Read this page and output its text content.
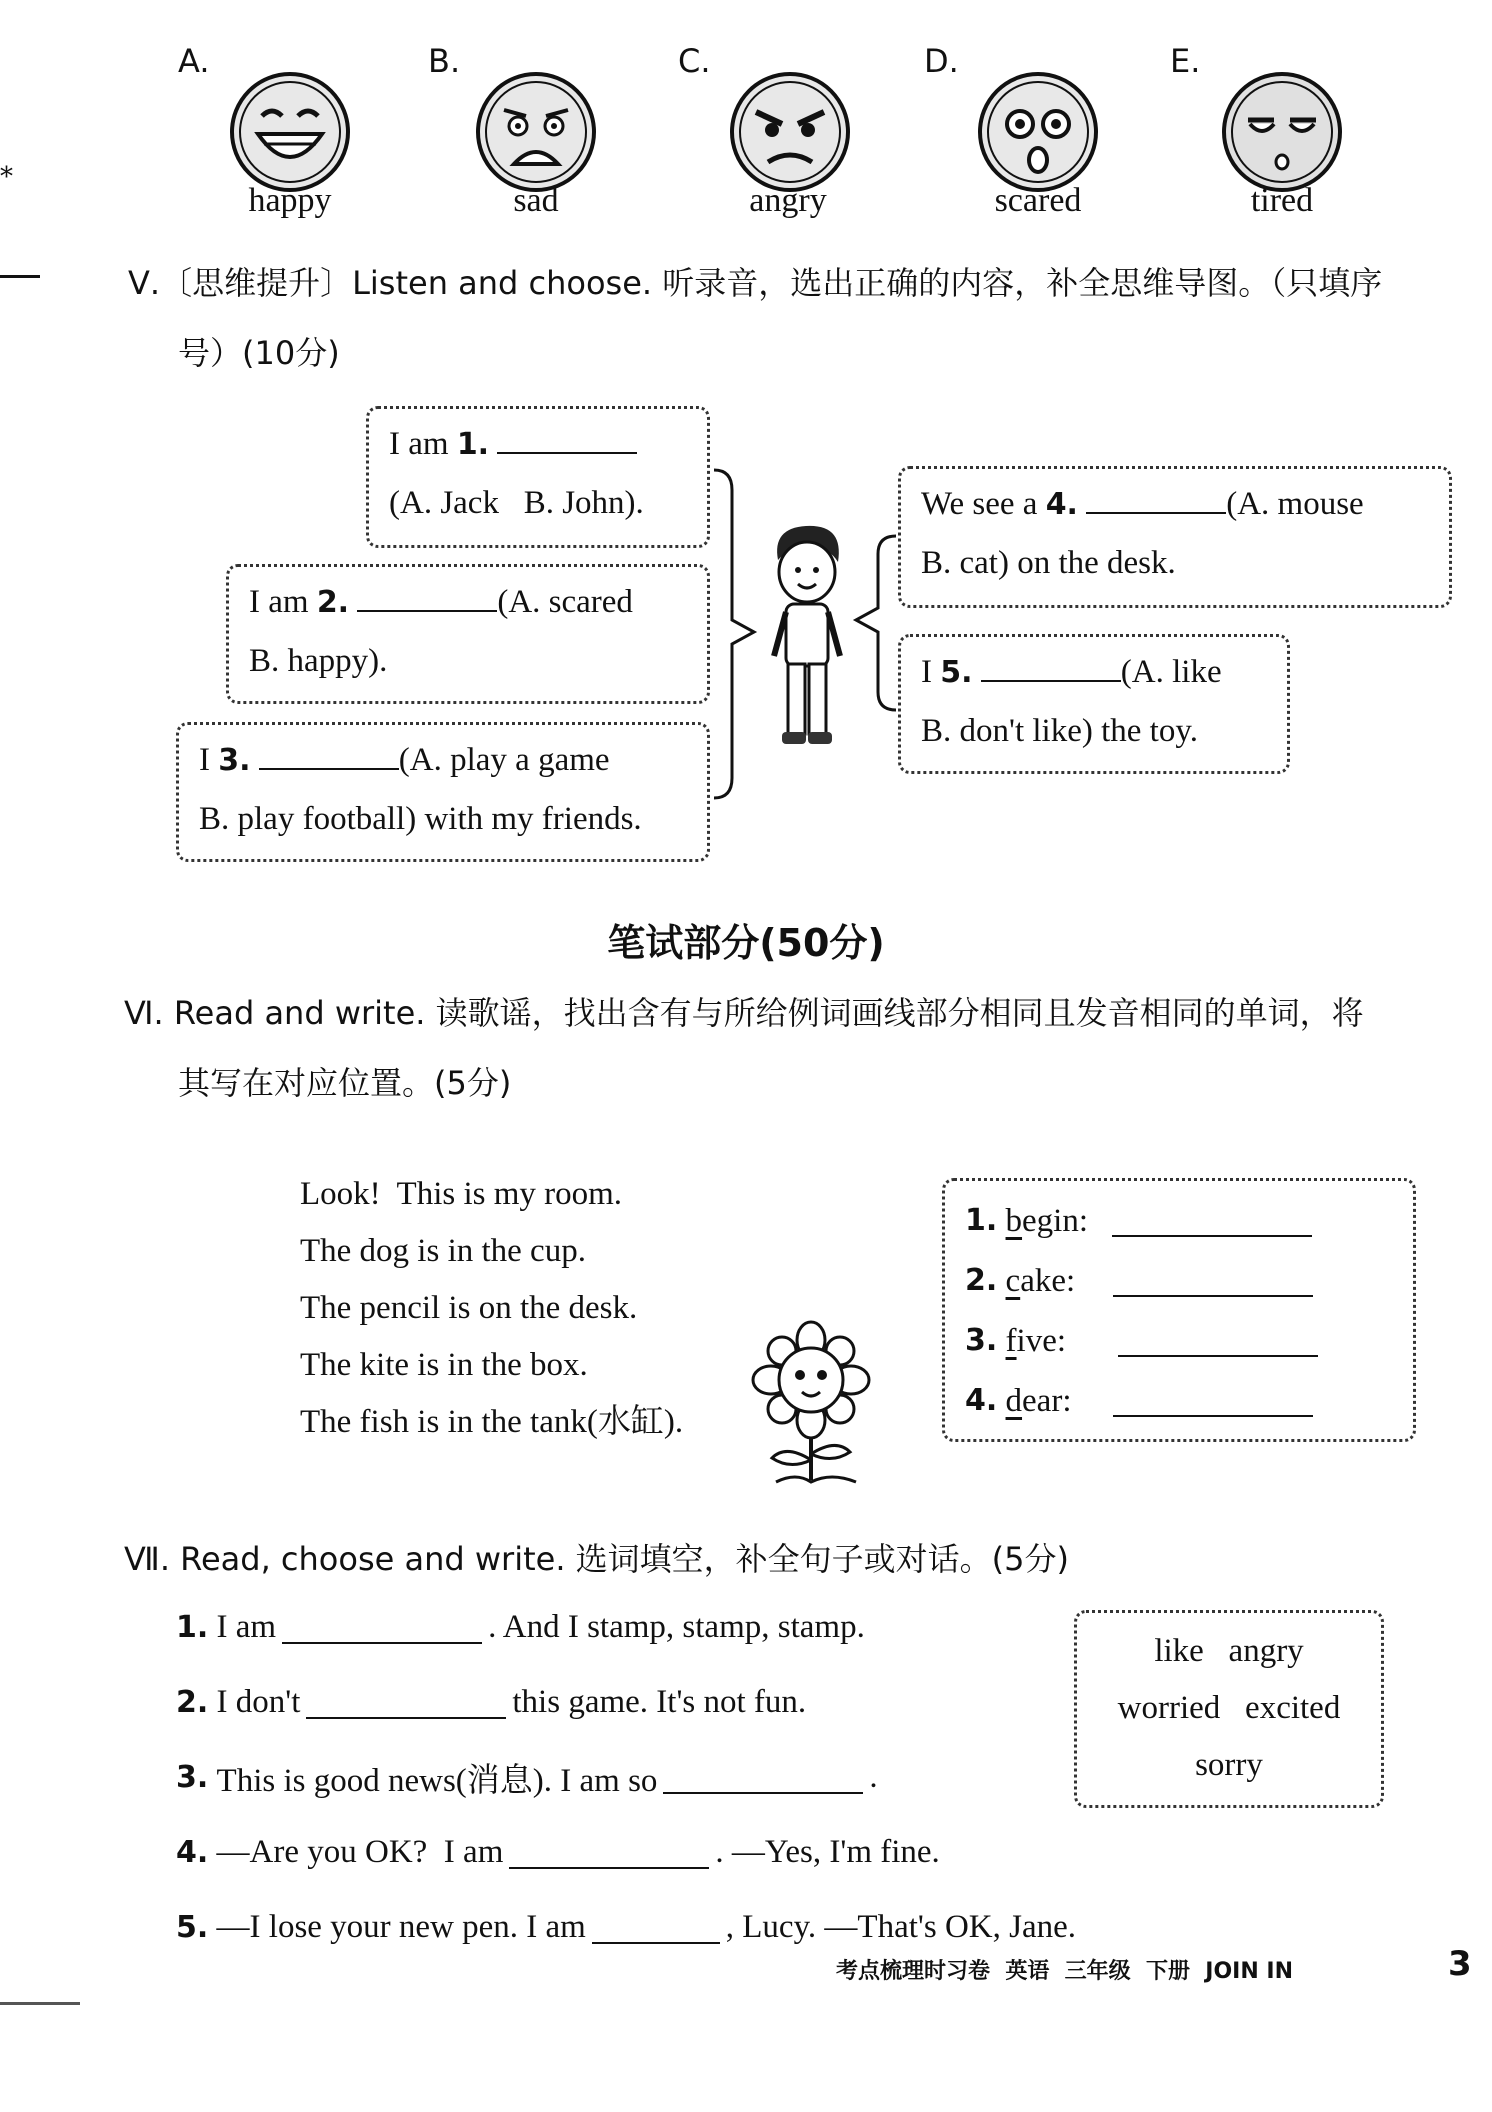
A.
happy
B.
sad
C.
angry
D.
scared
E.
tired
*
Ⅴ.〔思维提升〕Listen and choose. 听录音，选出正确的内容，补全思维导图。（只填序
号）(10分)
I am 1.
(A. Jack   B. John).
I am 2.	(A. scared
B. happy).
I 3.	(A. play a game
B. play football) with my friends.
We see a 4.	(A. mouse
B. cat) on the desk.
I 5.	(A. like
B. don't like) the toy.
笔试部分(50分)
Ⅵ. Read and write. 读歌谣，找出含有与所给例词画线部分相同且发音相同的单词，将
其写在对应位置。(5分)
Look!  This is my room.
The dog is in the cup.
The pencil is on the desk.
The kite is in the box.
The fish is in the tank(水缸).
1.
b egin:
2.
c ake:
3.
f ive:
4.
d ear:
Ⅶ. Read, choose and write. 选词填空，补全句子或对话。(5分)
1.
I am	. And I stamp, stamp, stamp.
2.
I don't	this game. It's not fun.
3.
This is good news(消息). I am so	.
4.
—Are you OK?  I am	. —Yes, I'm fine.
5.
—I lose your new pen. I am	, Lucy. —That's OK, Jane.
like   angry
worried   excited
sorry
考点梳理时习卷  英语  三年级  下册  JOIN IN	3
